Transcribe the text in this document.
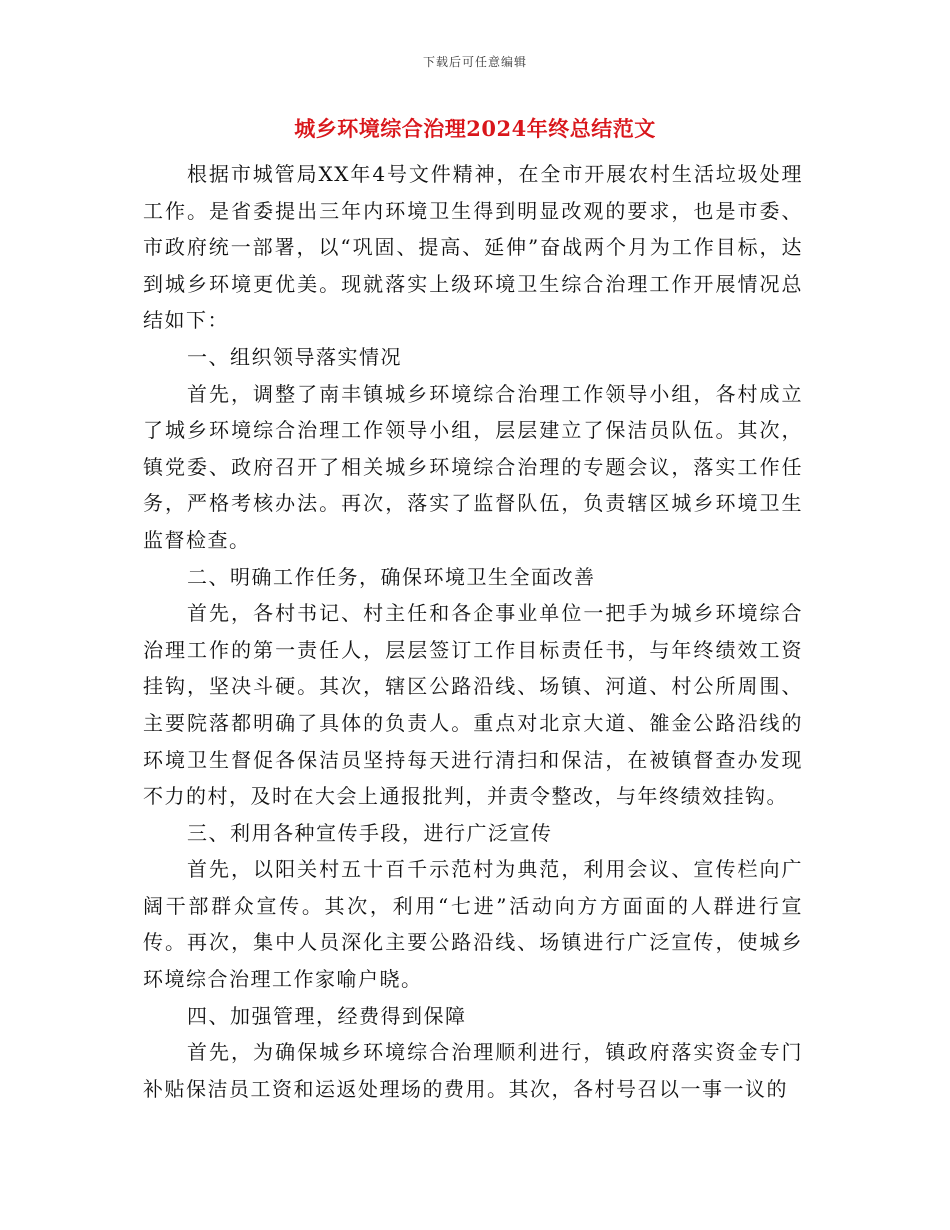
下载后可任意编辑
城乡环境综合治理2024年终总结范文

根据市城管局XX年4号文件精神，在全市开展农村生活垃圾处理工作。是省委提出三年内环境卫生得到明显改观的要求，也是市委、市政府统一部署，以“巩固、提高、延伸”奋战两个月为工作目标，达到城乡环境更优美。现就落实上级环境卫生综合治理工作开展情况总结如下：

一、组织领导落实情况

首先，调整了南丰镇城乡环境综合治理工作领导小组，各村成立了城乡环境综合治理工作领导小组，层层建立了保洁员队伍。其次，镇党委、政府召开了相关城乡环境综合治理的专题会议，落实工作任务，严格考核办法。再次，落实了监督队伍，负责辖区城乡环境卫生监督检查。

二、明确工作任务，确保环境卫生全面改善

首先，各村书记、村主任和各企事业单位一把手为城乡环境综合治理工作的第一责任人，层层签订工作目标责任书，与年终绩效工资挂钩，坚决斗硬。其次，辖区公路沿线、场镇、河道、村公所周围、主要院落都明确了具体的负责人。重点对北京大道、雒金公路沿线的环境卫生督促各保洁员坚持每天进行清扫和保洁，在被镇督查办发现不力的村，及时在大会上通报批判，并责令整改，与年终绩效挂钩。

三、利用各种宣传手段，进行广泛宣传

首先，以阳关村五十百千示范村为典范，利用会议、宣传栏向广阔干部群众宣传。其次，利用“七进”活动向方方面面的人群进行宣传。再次，集中人员深化主要公路沿线、场镇进行广泛宣传，使城乡环境综合治理工作家喻户晓。

四、加强管理，经费得到保障

首先，为确保城乡环境综合治理顺利进行，镇政府落实资金专门补贴保洁员工资和运返处理场的费用。其次，各村号召以一事一议的
